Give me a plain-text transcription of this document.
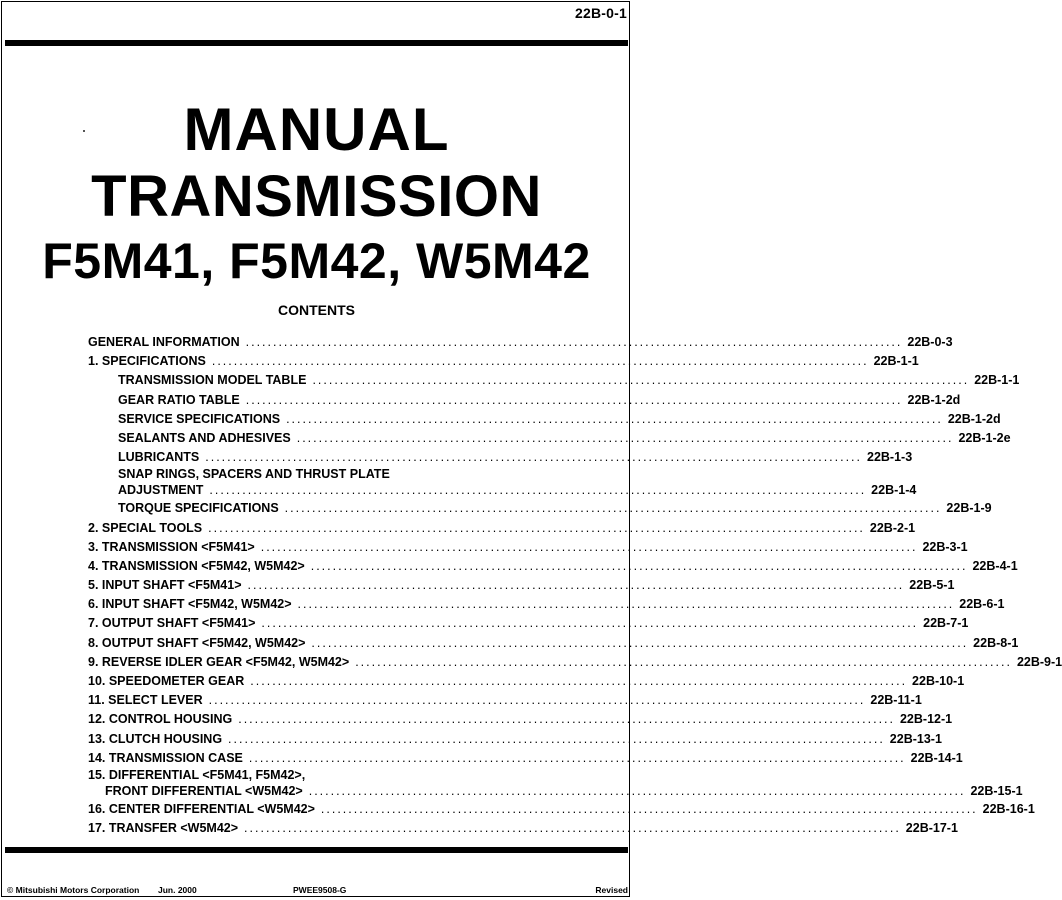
22B-0-1
MANUAL
TRANSMISSION
F5M41, F5M42, W5M42
CONTENTS
GENERAL INFORMATION ........................................................................................................................ 22B-0-3
1. SPECIFICATIONS ........................................................................................................................ 22B-1-1
TRANSMISSION MODEL TABLE ........................................................................................................................ 22B-1-1
GEAR RATIO TABLE ........................................................................................................................ 22B-1-2d
SERVICE SPECIFICATIONS ........................................................................................................................ 22B-1-2d
SEALANTS AND ADHESIVES ........................................................................................................................ 22B-1-2e
LUBRICANTS ........................................................................................................................ 22B-1-3
SNAP RINGS, SPACERS AND THRUST PLATE
ADJUSTMENT ........................................................................................................................ 22B-1-4
TORQUE SPECIFICATIONS ........................................................................................................................ 22B-1-9
2. SPECIAL TOOLS ........................................................................................................................ 22B-2-1
3. TRANSMISSION <F5M41> ........................................................................................................................ 22B-3-1
4. TRANSMISSION <F5M42, W5M42> ........................................................................................................................ 22B-4-1
5. INPUT SHAFT <F5M41> ........................................................................................................................ 22B-5-1
6. INPUT SHAFT <F5M42, W5M42> ........................................................................................................................ 22B-6-1
7. OUTPUT SHAFT <F5M41> ........................................................................................................................ 22B-7-1
8. OUTPUT SHAFT <F5M42, W5M42> ........................................................................................................................ 22B-8-1
9. REVERSE IDLER GEAR <F5M42, W5M42> ........................................................................................................................ 22B-9-1
10. SPEEDOMETER GEAR ........................................................................................................................ 22B-10-1
11. SELECT LEVER ........................................................................................................................ 22B-11-1
12. CONTROL HOUSING ........................................................................................................................ 22B-12-1
13. CLUTCH HOUSING ........................................................................................................................ 22B-13-1
14. TRANSMISSION CASE ........................................................................................................................ 22B-14-1
15. DIFFERENTIAL <F5M41, F5M42>,
FRONT DIFFERENTIAL <W5M42> ........................................................................................................................ 22B-15-1
16. CENTER DIFFERENTIAL <W5M42> ........................................................................................................................ 22B-16-1
17. TRANSFER <W5M42> ........................................................................................................................ 22B-17-1
© Mitsubishi Motors Corporation Jun. 2000	PWEE9508-G	Revised
